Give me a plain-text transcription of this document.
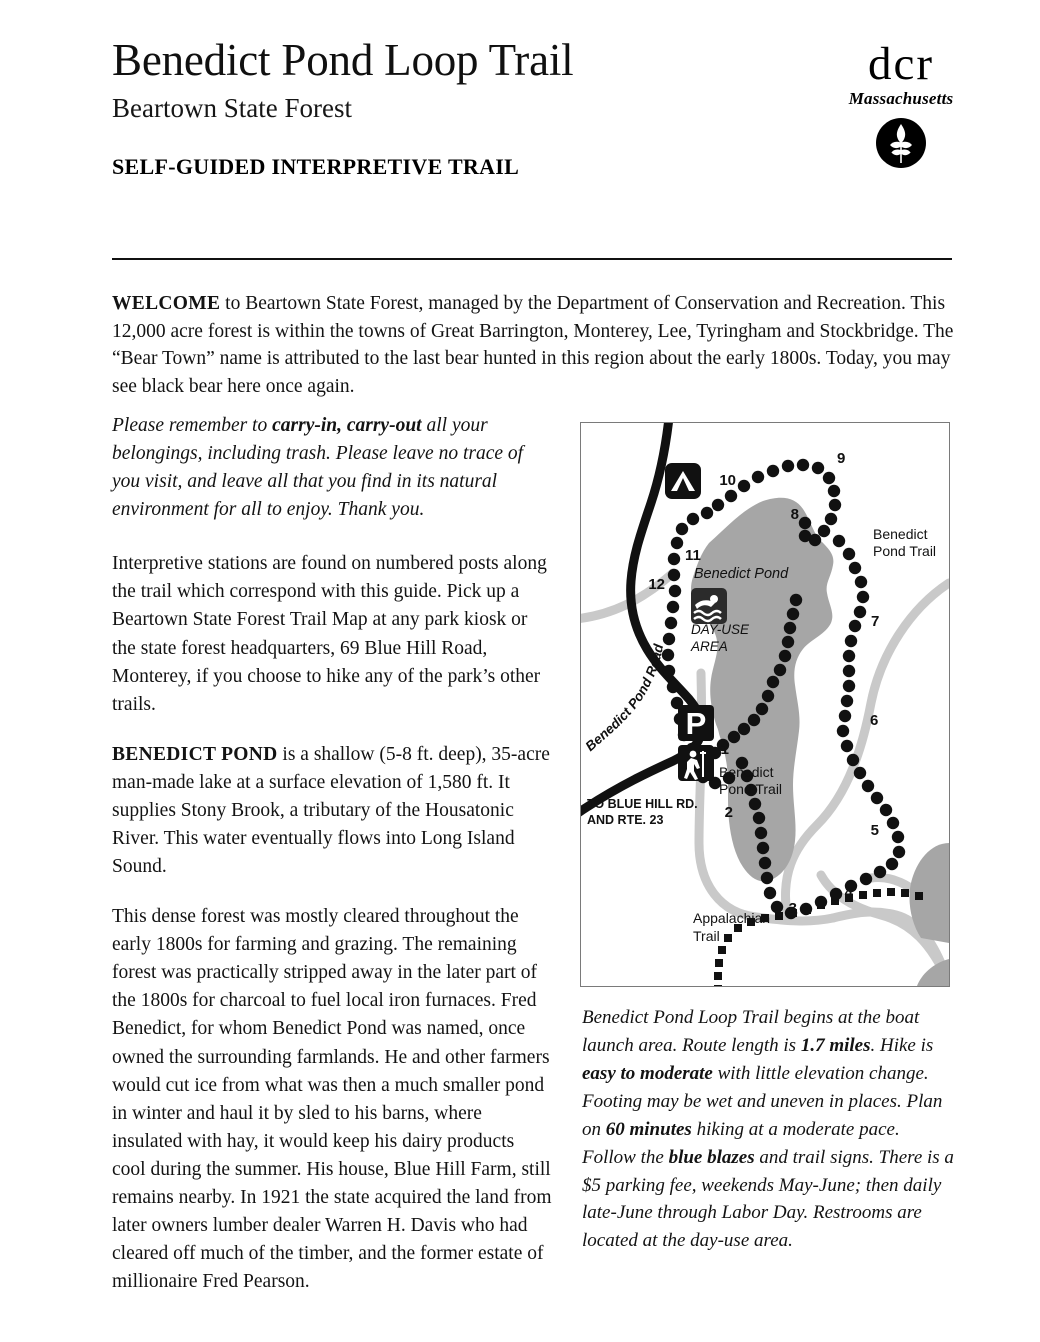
Benedict Pond Loop Trail
Beartown State Forest
SELF-GUIDED INTERPRETIVE TRAIL
dcr
Massachusetts
WELCOME to Beartown State Forest, managed by the Department of Conservation and Recreation. This 12,000 acre forest is within the towns of Great Barrington, Monterey, Lee, Tyringham and Stockbridge. The “Bear Town” name is attributed to the last bear hunted in this region about the early 1800s. Today, you may see black bear here once again.

Please remember to carry-in, carry-out all your belongings, including trash. Please leave no trace of you visit, and leave all that you find in its natural environment for all to enjoy. Thank you.

Interpretive stations are found on numbered posts along the trail which correspond with this guide. Pick up a Beartown State Forest Trail Map at any park kiosk or the state forest headquarters, 69 Blue Hill Road, Monterey, if you choose to hike any of the park’s other trails.

BENEDICT POND is a shallow (5-8 ft. deep), 35-acre man-made lake at a surface elevation of 1,580 ft. It supplies Stony Brook, a tributary of the Housatonic River. This water eventually flows into Long Island Sound.

This dense forest was mostly cleared throughout the early 1800s for farming and grazing. The remaining forest was practically stripped away in the later part of the 1800s for charcoal to fuel local iron furnaces. Fred Benedict, for whom Benedict Pond was named, once owned the surrounding farmlands. He and other farmers would cut ice from what was then a much smaller pond in winter and haul it by sled to his barns, where insulated with hay, it would keep his dairy products cool during the summer. His house, Blue Hill Farm, still remains nearby. In 1921 the state acquired the land from later owners lumber dealer Warren H. Davis who had cleared off much of the timber, and the former estate of millionaire Fred Pearson.

P
Benedict Pond
Benedict
Pond Trail
Benedict
Pond Trail
DAY-USE
AREA
TO BLUE HILL RD.
AND RTE. 23
Appalachian
Trail
Benedict Pond Road
1
2
3
4
5
6
7
8
9
10
11
12
Benedict Pond Loop Trail begins at the boat launch area. Route length is 1.7 miles. Hike is easy to moderate with little elevation change. Footing may be wet and uneven in places. Plan on 60 minutes hiking at a moderate pace. Follow the blue blazes and trail signs. There is a $5 parking fee, weekends May-June; then daily late-June through Labor Day. Restrooms are located at the day-use area.
